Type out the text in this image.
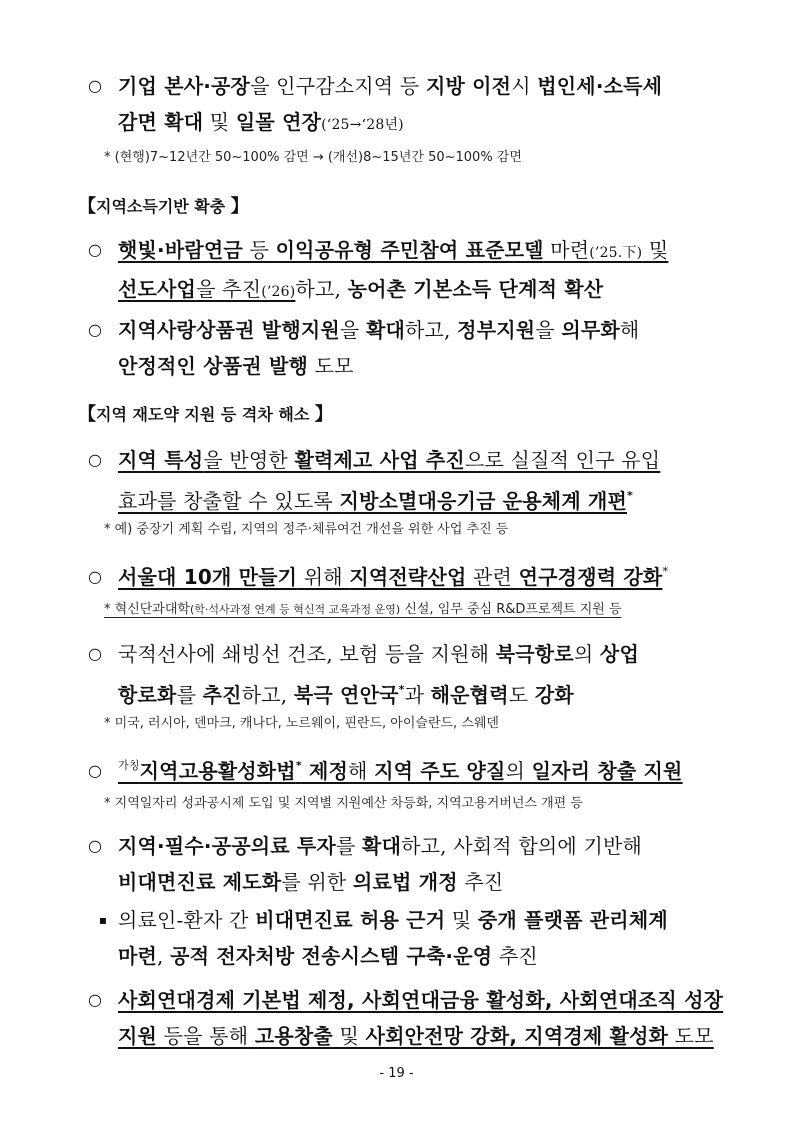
○ 기업 본사·공장을 인구감소지역 등 지방 이전시 법인세·소득세
감면 확대 및 일몰 연장(‘25→‘28년)
* (현행)7~12년간 50~100% 감면 → (개선)8~15년간 50~100% 감면
【지역소득기반 확충 】
○ 햇빛·바람연금 등 이익공유형 주민참여 표준모델 마련(’25.下) 및
선도사업을 추진(’26)하고, 농어촌 기본소득 단계적 확산
○ 지역사랑상품권 발행지원을 확대하고, 정부지원을 의무화해
안정적인 상품권 발행 도모
【지역 재도약 지원 등 격차 해소 】
○ 지역 특성을 반영한 활력제고 사업 추진으로 실질적 인구 유입
효과를 창출할 수 있도록 지방소멸대응기금 운용체계 개편*
* 예) 중장기 계획 수립, 지역의 정주·체류여건 개선을 위한 사업 추진 등
○ 서울대 10개 만들기 위해 지역전략산업 관련 연구경쟁력 강화*
* 혁신단과대학(학·석사과정 연계 등 혁신적 교육과정 운영) 신설, 임무 중심 R&D프로젝트 지원 등
○ 국적선사에 쇄빙선 건조, 보험 등을 지원해 북극항로의 상업
항로화를 추진하고, 북극 연안국*과 해운협력도 강화
* 미국, 러시아, 덴마크, 캐나다, 노르웨이, 핀란드, 아이슬란드, 스웨덴
○ $^{가칭}$지역고용활성화법* 제정해 지역 주도 양질의 일자리 창출 지원
* 지역일자리 성과공시제 도입 및 지역별 지원예산 차등화, 지역고용거버넌스 개편 등
○ 지역·필수·공공의료 투자를 확대하고, 사회적 합의에 기반해
비대면진료 제도화를 위한 의료법 개정 추진
▪ 의료인-환자 간 비대면진료 허용 근거 및 중개 플랫폼 관리체계
마련, 공적 전자처방 전송시스템 구축·운영 추진
○ 사회연대경제 기본법 제정, 사회연대금융 활성화, 사회연대조직 성장
지원 등을 통해 고용창출 및 사회안전망 강화, 지역경제 활성화 도모
- 19 -
